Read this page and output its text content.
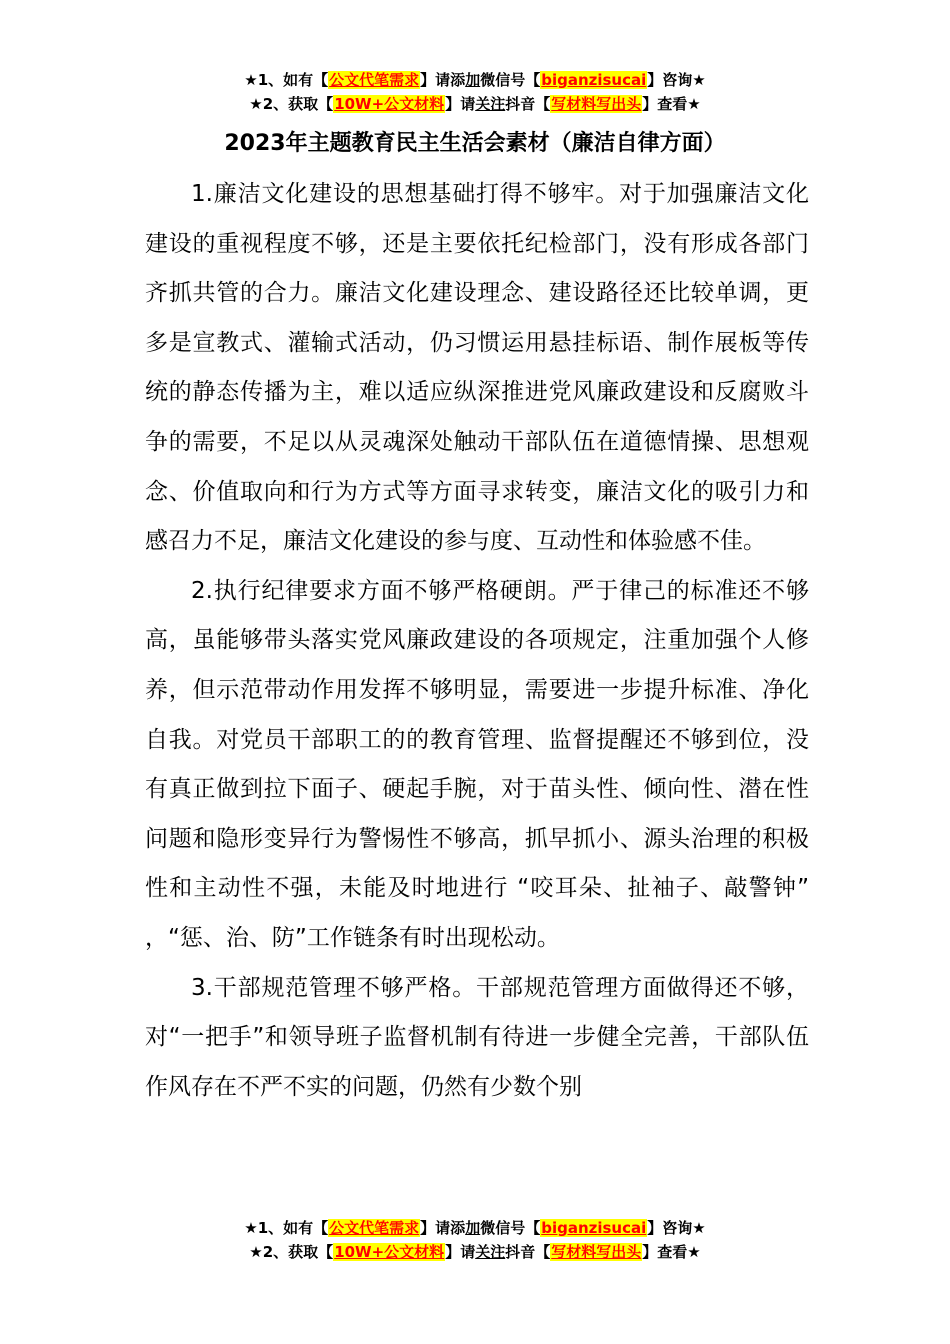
★1、如有【公文代笔需求】请添加微信号【biganzisucai】咨询★
★2、获取【10W+公文材料】请关注抖音【写材料写出头】查看★
2023年主题教育民主生活会素材（廉洁自律方面）

1.廉洁文化建设的思想基础打得不够牢。对于加强廉洁文化建设的重视程度不够，还是主要依托纪检部门，没有形成各部门齐抓共管的合力。廉洁文化建设理念、建设路径还比较单调，更多是宣教式、灌输式活动，仍习惯运用悬挂标语、制作展板等传统的静态传播为主，难以适应纵深推进党风廉政建设和反腐败斗争的需要，不足以从灵魂深处触动干部队伍在道德情操、思想观念、价值取向和行为方式等方面寻求转变，廉洁文化的吸引力和感召力不足，廉洁文化建设的参与度、互动性和体验感不佳。

2.执行纪律要求方面不够严格硬朗。严于律己的标准还不够高，虽能够带头落实党风廉政建设的各项规定，注重加强个人修养，但示范带动作用发挥不够明显，需要进一步提升标准、净化自我。对党员干部职工的的教育管理、监督提醒还不够到位，没有真正做到拉下面子、硬起手腕，对于苗头性、倾向性、潜在性问题和隐形变异行为警惕性不够高，抓早抓小、源头治理的积极性和主动性不强，未能及时地进行 “咬耳朵、扯袖子、敲警钟” ，“惩、治、防”工作链条有时出现松动。

3.干部规范管理不够严格。干部规范管理方面做得还不够，对“一把手”和领导班子监督机制有待进一步健全完善，干部队伍作风存在不严不实的问题，仍然有少数个别

★1、如有【公文代笔需求】请添加微信号【biganzisucai】咨询★
★2、获取【10W+公文材料】请关注抖音【写材料写出头】查看★
